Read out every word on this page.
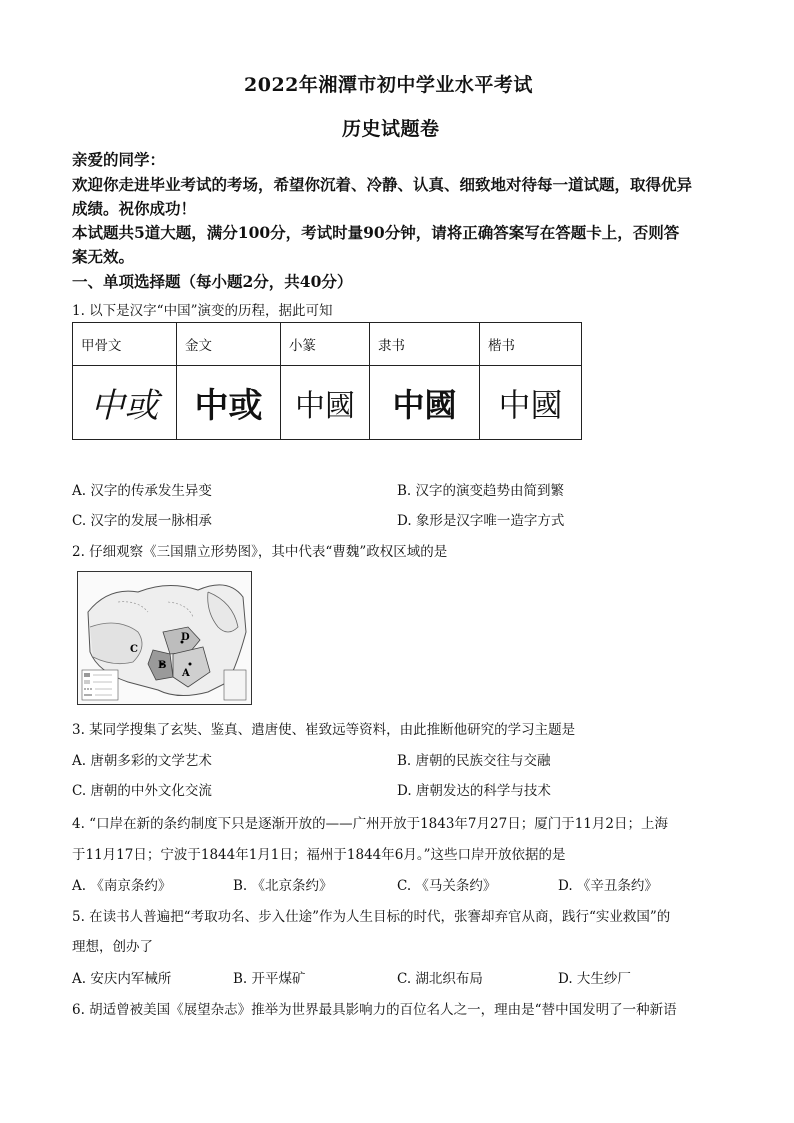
2022年湘潭市初中学业水平考试
历史试题卷
亲爱的同学：
欢迎你走进毕业考试的考场，希望你沉着、冷静、认真、细致地对待每一道试题，取得优异
成绩。祝你成功！
本试题共5道大题，满分100分，考试时量90分钟，请将正确答案写在答题卡上，否则答
案无效。
一、单项选择题（每小题2分，共40分）
1. 以下是汉字“中国”演变的历程，据此可知
甲骨文	金文	小篆	隶书	楷书
中或	中或	中國	中國	中國
A. 汉字的传承发生异变	B. 汉字的演变趋势由简到繁
C. 汉字的发展一脉相承	D. 象形是汉字唯一造字方式
2. 仔细观察《三国鼎立形势图》，其中代表“曹魏”政权区域的是
C
D
B
A
3. 某同学搜集了玄奘、鉴真、遣唐使、崔致远等资料，由此推断他研究的学习主题是
A. 唐朝多彩的文学艺术	B. 唐朝的民族交往与交融
C. 唐朝的中外文化交流	D. 唐朝发达的科学与技术
4. “口岸在新的条约制度下只是逐渐开放的——广州开放于1843年7月27日；厦门于11月2日；上海
于11月17日；宁波于1844年1月1日；福州于1844年6月。”这些口岸开放依据的是
A. 《南京条约》	B. 《北京条约》	C. 《马关条约》	D. 《辛丑条约》
5. 在读书人普遍把“考取功名、步入仕途”作为人生目标的时代，张謇却弃官从商，践行“实业救国”的
理想，创办了
A. 安庆内军械所	B. 开平煤矿	C. 湖北织布局	D. 大生纱厂
6. 胡适曾被美国《展望杂志》推举为世界最具影响力的百位名人之一，理由是“替中国发明了一种新语
